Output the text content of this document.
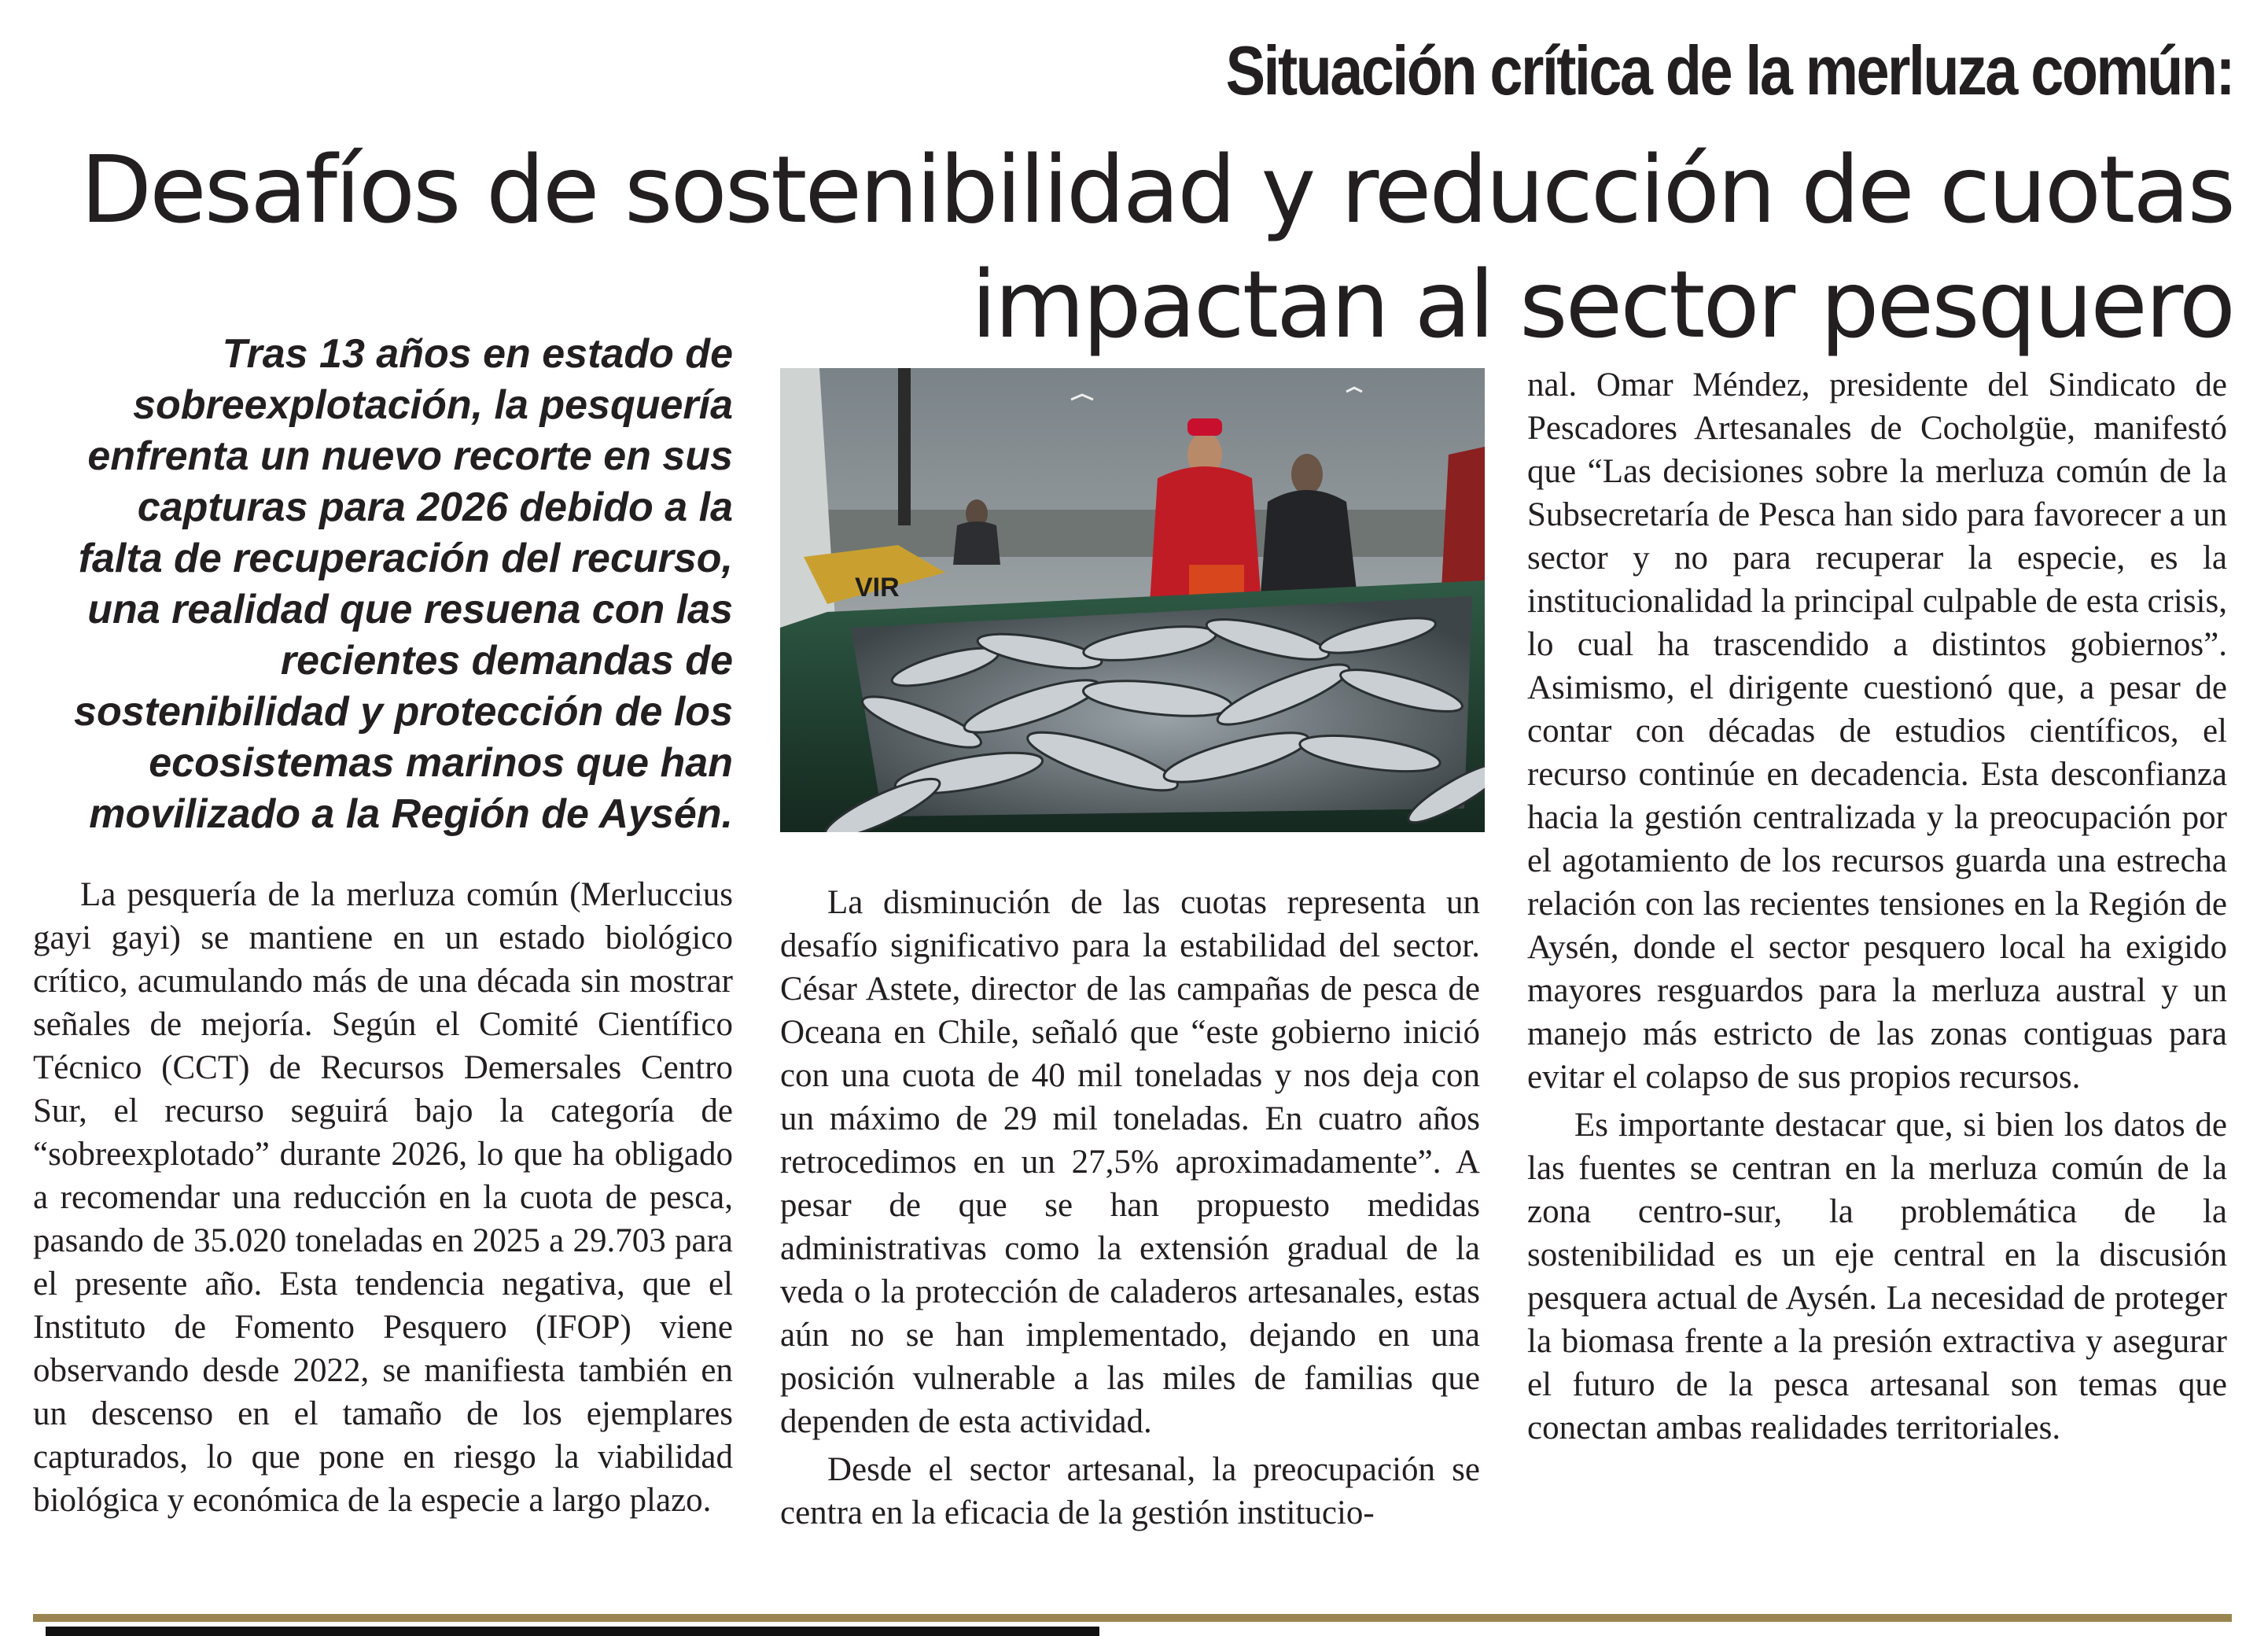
Situación crítica de la merluza común:
Desafíos de sostenibilidad y reducción de cuotas impactan al sector pesquero
Tras 13 años en estado de sobreexplotación, la pesquería enfrenta un nuevo recorte en sus capturas para 2026 debido a la falta de recuperación del recurso, una realidad que resuena con las recientes demandas de sostenibilidad y protección de los ecosistemas marinos que han movilizado a la Región de Aysén.
VIR

La pesquería de la merluza común (Merluccius gayi gayi) se mantiene en un estado biológico crítico, acumulando más de una década sin mostrar señales de mejoría. Según el Comité Científico Técnico (CCT) de Recursos Demersales Centro Sur, el recurso seguirá bajo la categoría de “sobreexplotado” durante 2026, lo que ha obligado a recomendar una reducción en la cuota de pesca, pasando de 35.020 toneladas en 2025 a 29.703 para el presente año. Esta tendencia negativa, que el Instituto de Fomento Pesquero (IFOP) viene observando desde 2022, se manifiesta también en un descenso en el tamaño de los ejemplares capturados, lo que pone en riesgo la viabilidad biológica y económica de la especie a largo plazo.

La disminución de las cuotas representa un desafío significativo para la estabilidad del sector. César Astete, director de las campañas de pesca de Oceana en Chile, señaló que “este gobierno inició con una cuota de 40 mil toneladas y nos deja con un máximo de 29 mil toneladas. En cuatro años retrocedimos en un 27,5% aproximadamente”. A pesar de que se han propuesto medidas administrativas como la extensión gradual de la veda o la protección de caladeros artesanales, estas aún no se han implementado, dejando en una posición vulnerable a las miles de familias que dependen de esta actividad.

Desde el sector artesanal, la preocupación se centra en la eficacia de la gestión institucio-

nal. Omar Méndez, presidente del Sindicato de Pescadores Artesanales de Cocholgüe, manifestó que “Las decisiones sobre la merluza común de la Subsecretaría de Pesca han sido para favorecer a un sector y no para recuperar la especie, es la institucionalidad la principal culpable de esta crisis, lo cual ha trascendido a distintos gobiernos”. Asimismo, el dirigente cuestionó que, a pesar de contar con décadas de estudios científicos, el recurso continúe en decadencia. Esta desconfianza hacia la gestión centralizada y la preocupación por el agotamiento de los recursos guarda una estrecha relación con las recientes tensiones en la Región de Aysén, donde el sector pesquero local ha exigido mayores resguardos para la merluza austral y un manejo más estricto de las zonas contiguas para evitar el colapso de sus propios recursos.

Es importante destacar que, si bien los datos de las fuentes se centran en la merluza común de la zona centro-sur, la problemática de la sostenibilidad es un eje central en la discusión pesquera actual de Aysén. La necesidad de proteger la biomasa frente a la presión extractiva y asegurar el futuro de la pesca artesanal son temas que conectan ambas realidades territoriales.
